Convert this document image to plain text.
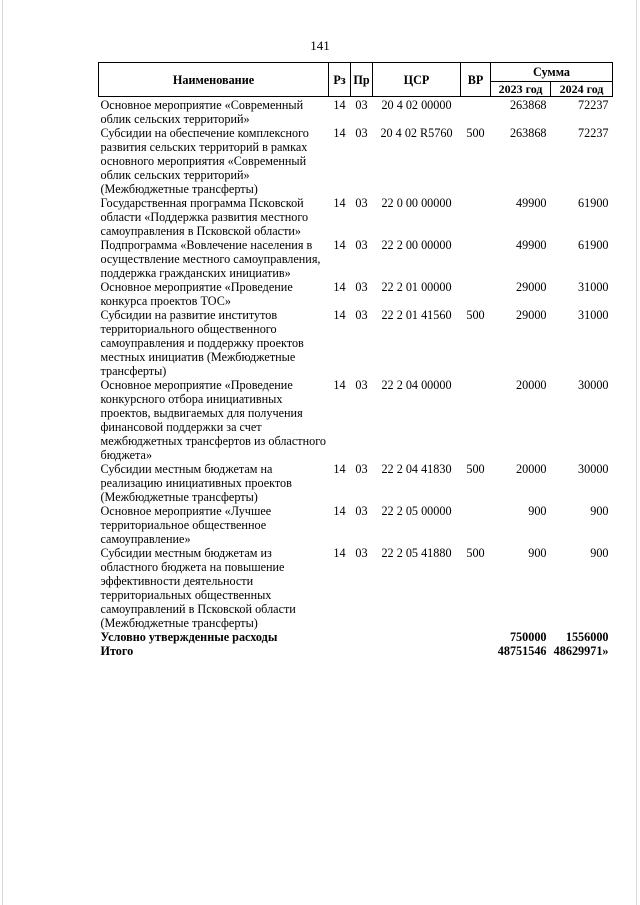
141
Наименование	Рз	Пр	ЦСР	ВР	Сумма	
					2023 год	2024 год
Основное мероприятие «Современный облик сельских территорий»	14	03	20 4 02 00000		263868	72237
Субсидии на обеспечение комплексного развития сельских территорий в рамках основного мероприятия «Современный облик сельских территорий» (Межбюджетные трансферты)	14	03	20 4 02 R5760	500	263868	72237
Государственная программа Псковской области «Поддержка развития местного самоуправления в Псковской области»	14	03	22 0 00 00000		49900	61900
Подпрограмма «Вовлечение населения в осуществление местного самоуправления, поддержка гражданских инициатив»	14	03	22 2 00 00000		49900	61900
Основное мероприятие «Проведение конкурса проектов ТОС»	14	03	22 2 01 00000		29000	31000
Субсидии на развитие институтов территориального общественного самоуправления и поддержку проектов местных инициатив (Межбюджетные трансферты)	14	03	22 2 01 41560	500	29000	31000
Основное мероприятие «Проведение конкурсного отбора инициативных проектов, выдвигаемых для получения финансовой поддержки за счет межбюджетных трансфертов из областного бюджета»	14	03	22 2 04 00000		20000	30000
Субсидии местным бюджетам на реализацию инициативных проектов (Межбюджетные трансферты)	14	03	22 2 04 41830	500	20000	30000
Основное мероприятие «Лучшее территориальное общественное самоуправление»	14	03	22 2 05 00000		900	900
Субсидии местным бюджетам из областного бюджета на повышение эффективности деятельности территориальных общественных самоуправлений в Псковской области (Межбюджетные трансферты)	14	03	22 2 05 41880	500	900	900
Условно утвержденные расходы					750000	1556000
Итого					48751546	48629971»
